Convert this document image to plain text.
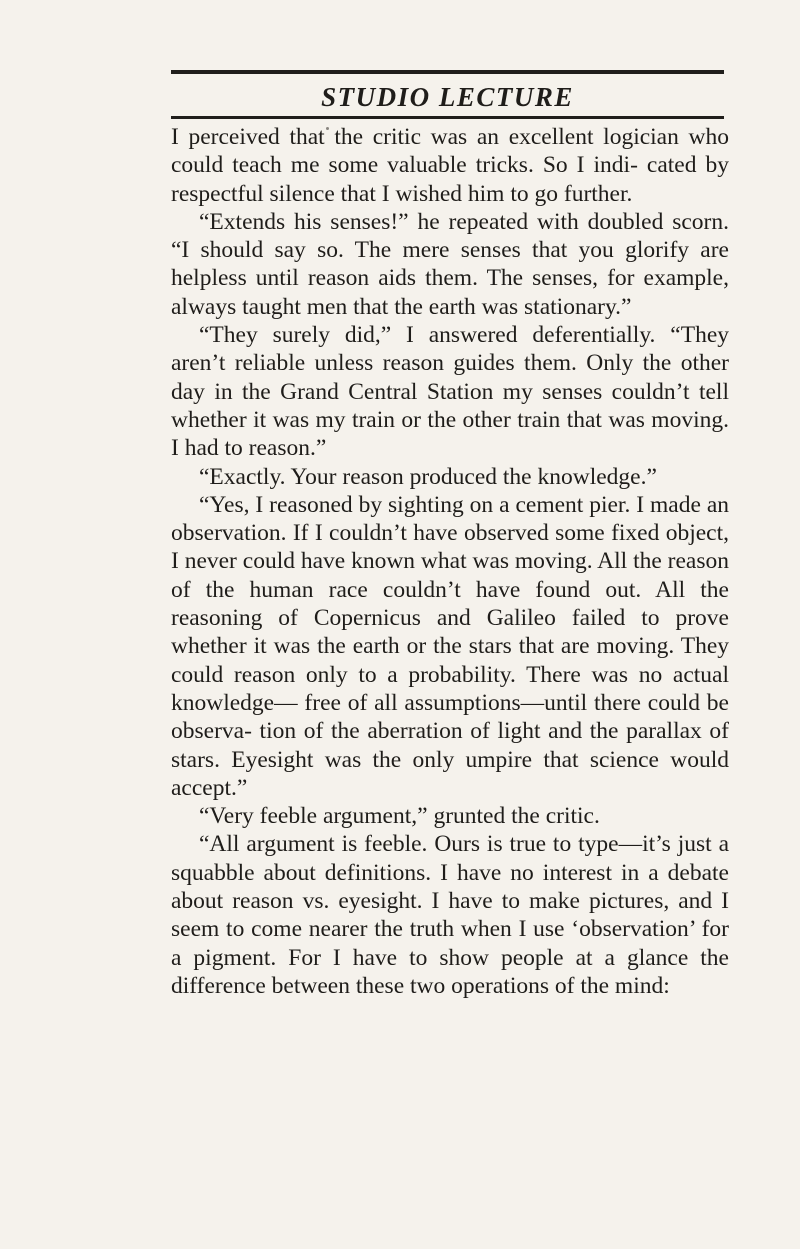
STUDIO LECTURE

I perceived that the critic was an excellent logician who could teach me some valuable tricks. So I indi- cated by respectful silence that I wished him to go further.

“Extends his senses!” he repeated with doubled scorn. “I should say so. The mere senses that you glorify are helpless until reason aids them. The senses, for example, always taught men that the earth was stationary.”

“They surely did,” I answered deferentially. “They aren’t reliable unless reason guides them. Only the other day in the Grand Central Station my senses couldn’t tell whether it was my train or the other train that was moving. I had to reason.”

“Exactly. Your reason produced the knowledge.”

“Yes, I reasoned by sighting on a cement pier. I made an observation. If I couldn’t have observed some fixed object, I never could have known what was moving. All the reason of the human race couldn’t have found out. All the reasoning of Copernicus and Galileo failed to prove whether it was the earth or the stars that are moving. They could reason only to a probability. There was no actual knowledge— free of all assumptions—until there could be observa- tion of the aberration of light and the parallax of stars. Eyesight was the only umpire that science would accept.”

“Very feeble argument,” grunted the critic.

“All argument is feeble. Ours is true to type—it’s just a squabble about definitions. I have no interest in a debate about reason vs. eyesight. I have to make pictures, and I seem to come nearer the truth when I use ‘observation’ for a pigment. For I have to show people at a glance the difference between these two operations of the mind:
